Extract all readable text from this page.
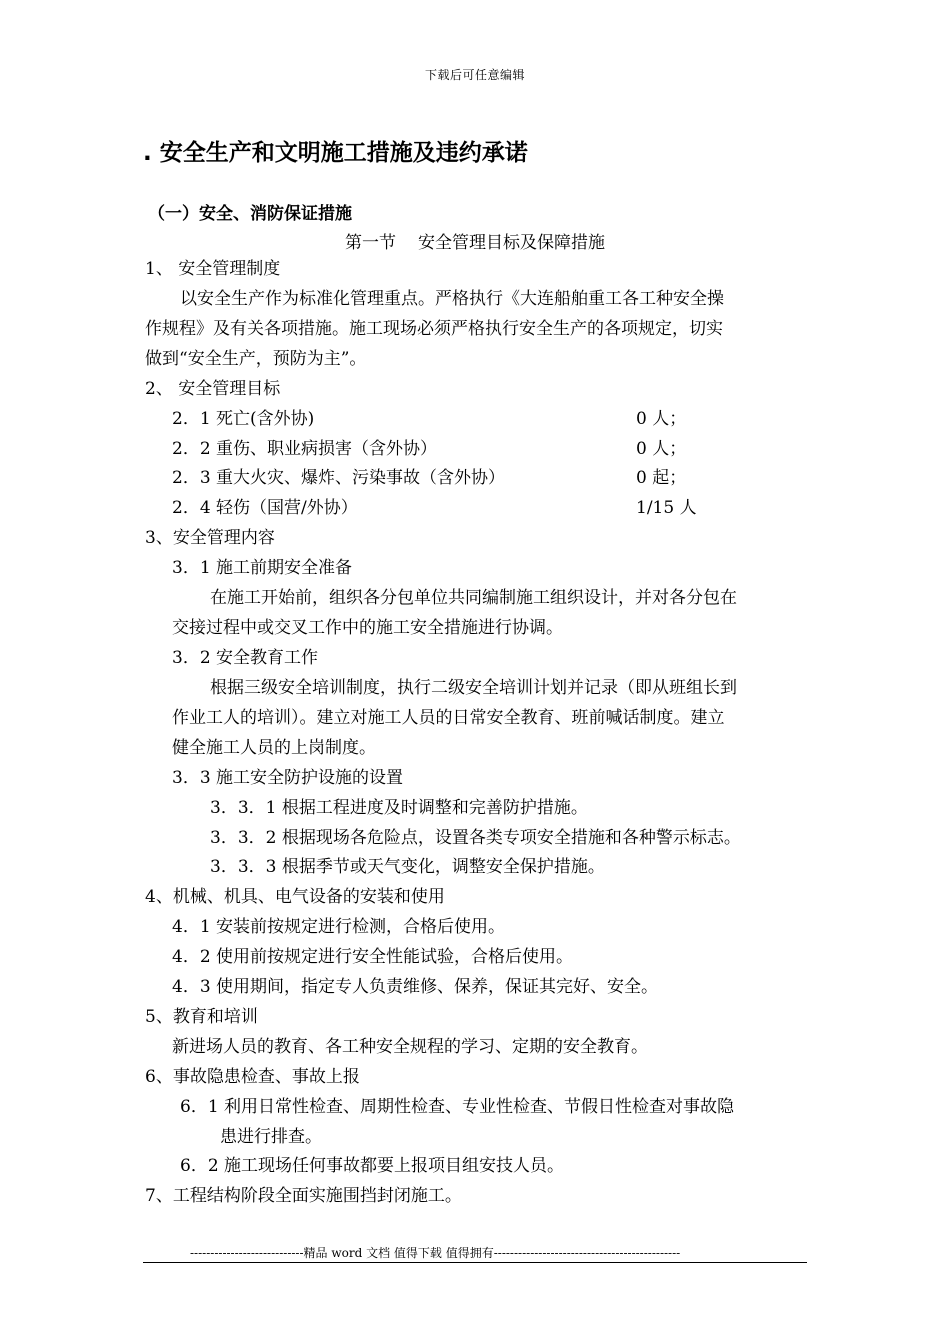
下载后可任意编辑
. 安全生产和文明施工措施及违约承诺
（一）安全、消防保证措施
第一节 安全管理目标及保障措施
1、 安全管理制度
以安全生产作为标准化管理重点。严格执行《大连船舶重工各工种安全操
作规程》及有关各项措施。施工现场必须严格执行安全生产的各项规定，切实
做到“安全生产，预防为主”。
2、 安全管理目标
2．1 死亡(含外协)	0 人；
2．2 重伤、职业病损害（含外协）	0 人；
2．3 重大火灾、爆炸、污染事故（含外协）	0 起；
2．4 轻伤（国营/外协）	1/15 人
3、安全管理内容
3．1 施工前期安全准备
在施工开始前，组织各分包单位共同编制施工组织设计，并对各分包在
交接过程中或交叉工作中的施工安全措施进行协调。
3．2 安全教育工作
根据三级安全培训制度，执行二级安全培训计划并记录（即从班组长到
作业工人的培训）。建立对施工人员的日常安全教育、班前喊话制度。建立
健全施工人员的上岗制度。
3．3 施工安全防护设施的设置
3．3．1 根据工程进度及时调整和完善防护措施。
3．3．2 根据现场各危险点，设置各类专项安全措施和各种警示标志。
3．3．3 根据季节或天气变化，调整安全保护措施。
4、机械、机具、电气设备的安装和使用
4．1 安装前按规定进行检测，合格后使用。
4．2 使用前按规定进行安全性能试验，合格后使用。
4．3 使用期间，指定专人负责维修、保养，保证其完好、安全。
5、教育和培训
新进场人员的教育、各工种安全规程的学习、定期的安全教育。
6、事故隐患检查、事故上报
6．1 利用日常性检查、周期性检查、专业性检查、节假日性检查对事故隐
患进行排查。
6．2 施工现场任何事故都要上报项目组安技人员。
7、工程结构阶段全面实施围挡封闭施工。
----------------------------精品 word 文档 值得下载 值得拥有----------------------------------------------
